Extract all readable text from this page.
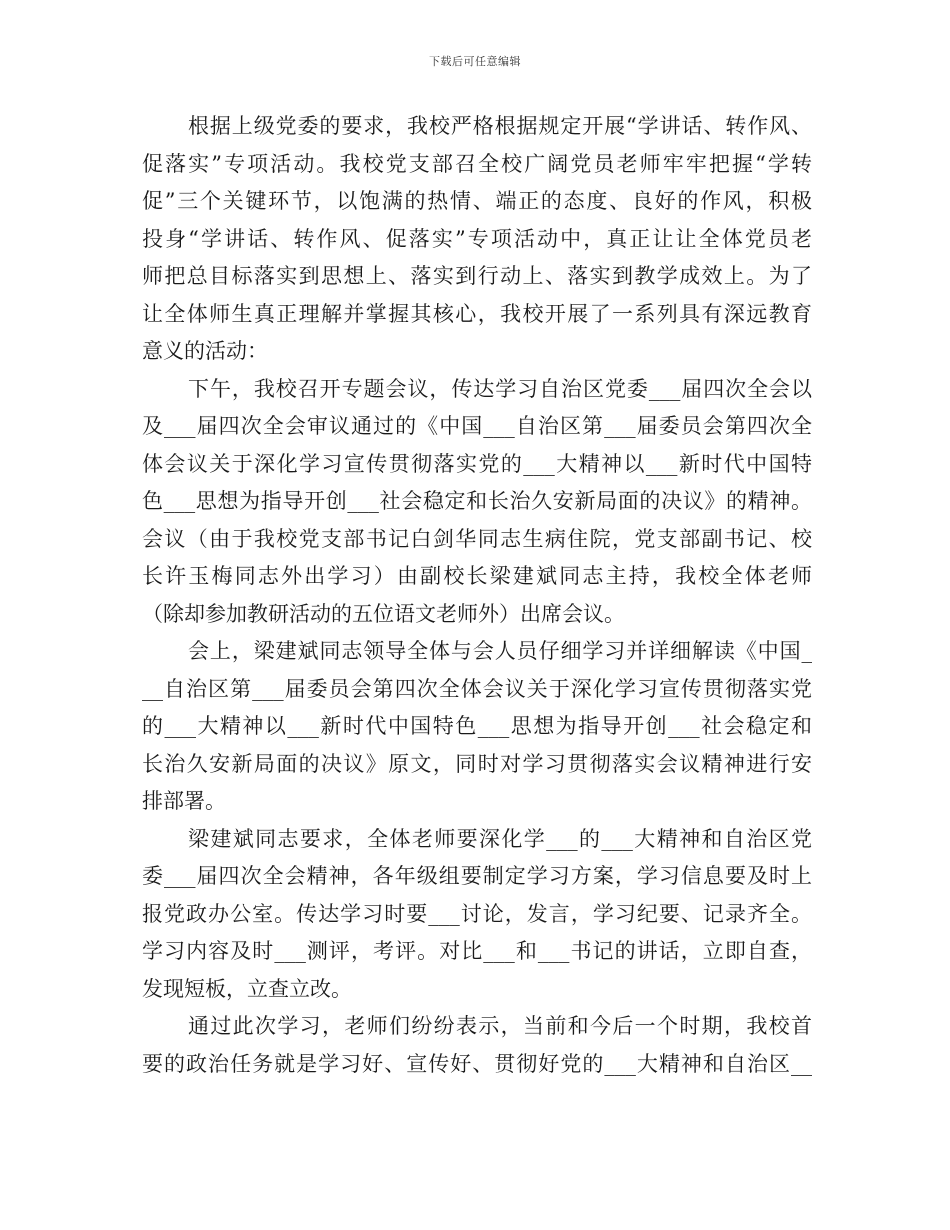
下载后可任意编辑
根据上级党委的要求，我校严格根据规定开展“学讲话、转作风、
促落实”专项活动。我校党支部召全校广阔党员老师牢牢把握“学转
促”三个关键环节，以饱满的热情、端正的态度、良好的作风，积极
投身“学讲话、转作风、促落实”专项活动中，真正让让全体党员老
师把总目标落实到思想上、落实到行动上、落实到教学成效上。为了
让全体师生真正理解并掌握其核心，我校开展了一系列具有深远教育
意义的活动：
下午，我校召开专题会议，传达学习自治区党委___届四次全会以
及___届四次全会审议通过的《中国___自治区第___届委员会第四次全
体会议关于深化学习宣传贯彻落实党的___大精神以___新时代中国特
色___思想为指导开创___社会稳定和长治久安新局面的决议》的精神。
会议（由于我校党支部书记白剑华同志生病住院，党支部副书记、校
长许玉梅同志外出学习）由副校长梁建斌同志主持，我校全体老师
（除却参加教研活动的五位语文老师外）出席会议。
会上，梁建斌同志领导全体与会人员仔细学习并详细解读《中国_
__自治区第___届委员会第四次全体会议关于深化学习宣传贯彻落实党
的___大精神以___新时代中国特色___思想为指导开创___社会稳定和
长治久安新局面的决议》原文，同时对学习贯彻落实会议精神进行安
排部署。
梁建斌同志要求，全体老师要深化学___的___大精神和自治区党
委___届四次全会精神，各年级组要制定学习方案，学习信息要及时上
报党政办公室。传达学习时要___讨论，发言，学习纪要、记录齐全。
学习内容及时___测评，考评。对比___和___书记的讲话，立即自查，
发现短板，立查立改。
通过此次学习，老师们纷纷表示，当前和今后一个时期，我校首
要的政治任务就是学习好、宣传好、贯彻好党的___大精神和自治区__
